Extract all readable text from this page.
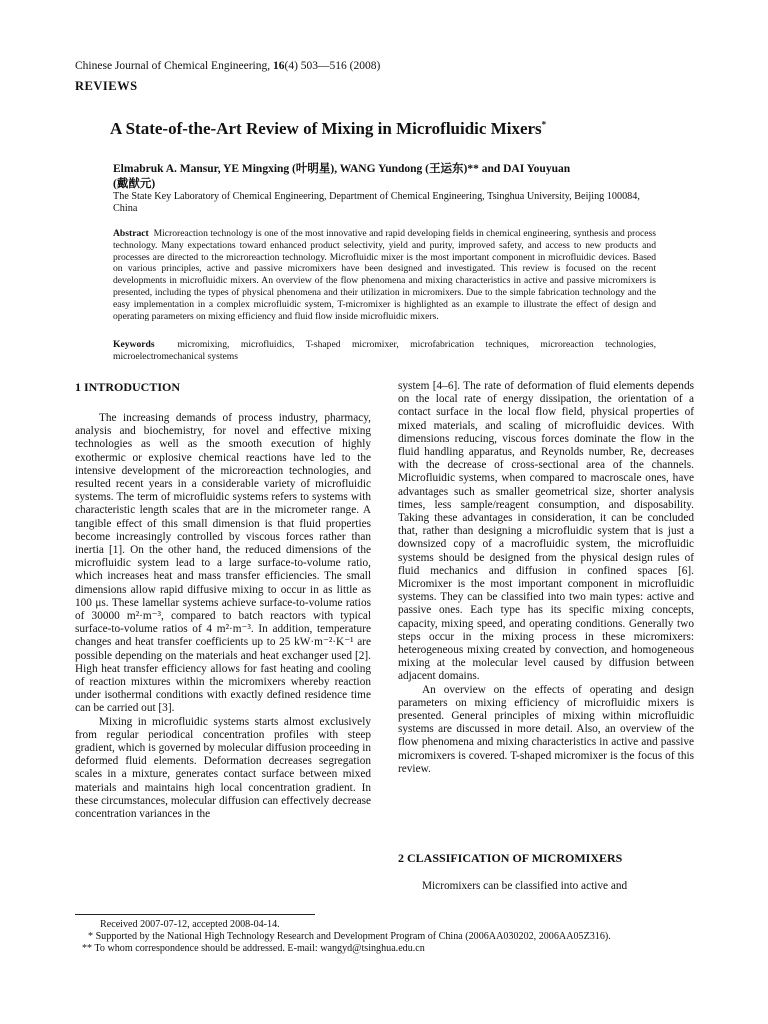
Chinese Journal of Chemical Engineering, 16(4) 503—516 (2008)
REVIEWS
A State-of-the-Art Review of Mixing in Microfluidic Mixers*
Elmabruk A. Mansur, YE Mingxing (叶明星), WANG Yundong (王运东)** and DAI Youyuan
(戴猷元)
The State Key Laboratory of Chemical Engineering, Department of Chemical Engineering, Tsinghua University, Beijing 100084, China
Abstract Microreaction technology is one of the most innovative and rapid developing fields in chemical engineering, synthesis and process technology. Many expectations toward enhanced product selectivity, yield and purity, improved safety, and access to new products and processes are directed to the microreaction technology. Microfluidic mixer is the most important component in microfluidic devices. Based on various principles, active and passive micromixers have been designed and investigated. This review is focused on the recent developments in microfluidic mixers. An overview of the flow phenomena and mixing characteristics in active and passive micromixers is presented, including the types of physical phenomena and their utilization in micromixers. Due to the simple fabrication technology and the easy implementation in a complex microfluidic system, T-micromixer is highlighted as an example to illustrate the effect of design and operating parameters on mixing efficiency and fluid flow inside microfluidic mixers.
Keywords micromixing, microfluidics, T-shaped micromixer, microfabrication techniques, microreaction technologies, microelectromechanical systems
1 INTRODUCTION

The increasing demands of process industry, pharmacy, analysis and biochemistry, for novel and effective mixing technologies as well as the smooth execution of highly exothermic or explosive chemical reactions have led to the intensive development of the microreaction technologies, and resulted recent years in a considerable variety of microfluidic systems. The term of microfluidic systems refers to systems with characteristic length scales that are in the micrometer range. A tangible effect of this small dimension is that fluid properties become increasingly controlled by viscous forces rather than inertia [1]. On the other hand, the reduced dimensions of the microfluidic system lead to a large surface-to-volume ratio, which increases heat and mass transfer efficiencies. The small dimensions allow rapid diffusive mixing to occur in as little as 100 μs. These lamellar systems achieve surface-to-volume ratios of 30000 m²·m⁻³, compared to batch reactors with typical surface-to-volume ratios of 4 m²·m⁻³. In addition, temperature changes and heat transfer coefficients up to 25 kW·m⁻²·K⁻¹ are possible depending on the materials and heat exchanger used [2]. High heat transfer efficiency allows for fast heating and cooling of reaction mixtures within the micromixers whereby reaction under isothermal conditions with exactly defined residence time can be carried out [3].

Mixing in microfluidic systems starts almost exclusively from regular periodical concentration profiles with steep gradient, which is governed by molecular diffusion proceeding in deformed fluid elements. Deformation decreases segregation scales in a mixture, generates contact surface between mixed materials and maintains high local concentration gradient. In these circumstances, molecular diffusion can effectively decrease concentration variances in the

system [4–6]. The rate of deformation of fluid elements depends on the local rate of energy dissipation, the orientation of a contact surface in the local flow field, physical properties of mixed materials, and scaling of microfluidic devices. With dimensions reducing, viscous forces dominate the flow in the fluid handling apparatus, and Reynolds number, Re, decreases with the decrease of cross-sectional area of the channels. Microfluidic systems, when compared to macroscale ones, have advantages such as smaller geometrical size, shorter analysis times, less sample/reagent consumption, and disposability. Taking these advantages in consideration, it can be concluded that, rather than designing a microfluidic system that is just a downsized copy of a macrofluidic system, the microfluidic systems should be designed from the physical design rules of fluid mechanics and diffusion in confined spaces [6]. Micromixer is the most important component in microfluidic systems. They can be classified into two main types: active and passive ones. Each type has its specific mixing concepts, capacity, mixing speed, and operating conditions. Generally two steps occur in the mixing process in these micromixers: heterogeneous mixing created by convection, and homogeneous mixing at the molecular level caused by diffusion between adjacent domains.

An overview on the effects of operating and design parameters on mixing efficiency of microfluidic mixers is presented. General principles of mixing within microfluidic systems are discussed in more detail. Also, an overview of the flow phenomena and mixing characteristics in active and passive micromixers is covered. T-shaped micromixer is the focus of this review.

2 CLASSIFICATION OF MICROMIXERS

Micromixers can be classified into active and

Received 2007-07-12, accepted 2008-04-14.
* Supported by the National High Technology Research and Development Program of China (2006AA030202, 2006AA05Z316).
** To whom correspondence should be addressed. E-mail: wangyd@tsinghua.edu.cn
